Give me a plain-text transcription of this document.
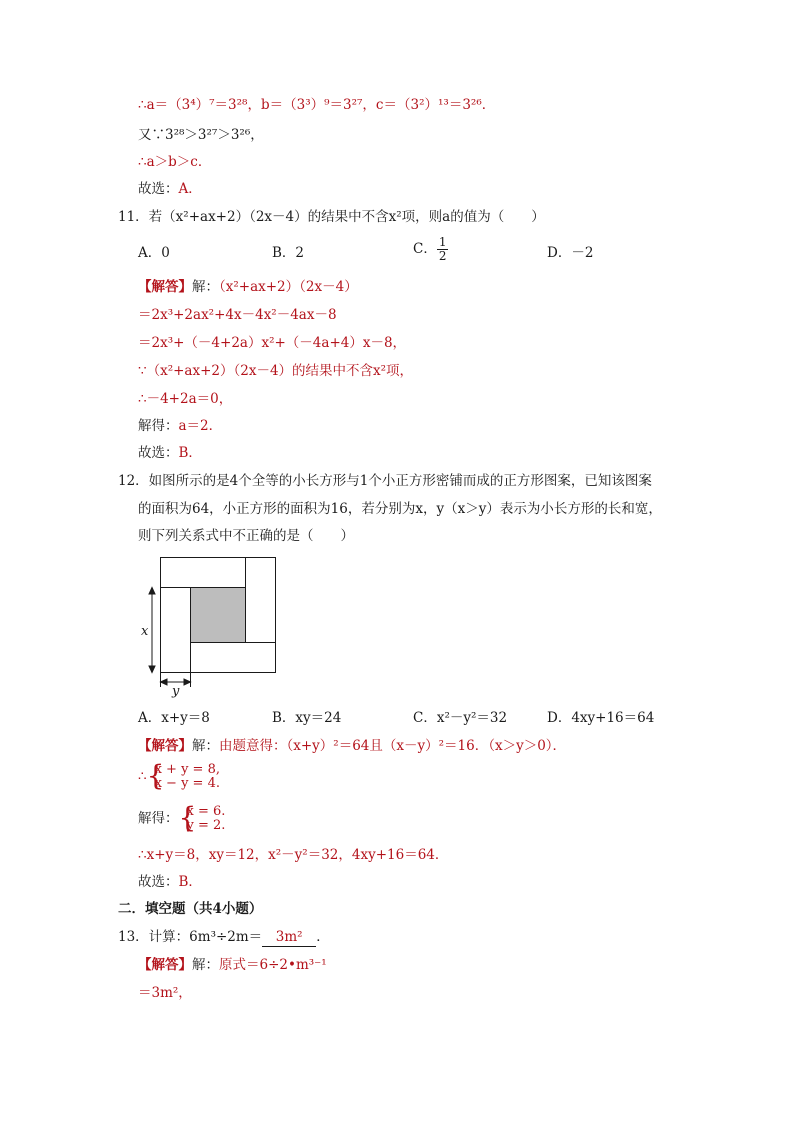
∴a＝（3⁴）⁷＝3²⁸，b＝（3³）⁹＝3²⁷，c＝（3²）¹³＝3²⁶．
又∵3²⁸＞3²⁷＞3²⁶，
∴a＞b＞c．
故选：A．
11．若（x²+ax+2）（2x－4）的结果中不含x²项，则a的值为（　　）
A．0	B．2	C． $\frac{1}{2}$	D．－2
【解答】解：（x²+ax+2）（2x－4）
＝2x³+2ax²+4x－4x²－4ax－8
＝2x³+（－4+2a）x²+（－4a+4）x－8，
∵（x²+ax+2）（2x－4）的结果中不含x²项，
∴－4+2a＝0，
解得：a＝2．
故选：B．
12．如图所示的是4个全等的小长方形与1个小正方形密铺而成的正方形图案，已知该图案
的面积为64，小正方形的面积为16，若分别为x，y（x＞y）表示为小长方形的长和宽，
则下列关系式中不正确的是（　　）
x
y
A．x+y＝8	B．xy＝24	C．x²－y²＝32	D．4xy+16＝64
【解答】解：由题意得：（x+y）²＝64且（x－y）²＝16．（x＞y＞0）．
∴ {
x + y = 8,
x − y = 4.
解得： {
x = 6.
y = 2.
∴x+y＝8，xy＝12，x²－y²＝32，4xy+16＝64．
故选：B．
二．填空题（共4小题）
13．计算：6m³÷2m＝ 3m² ．
【解答】解：原式＝6÷2•m³⁻¹
＝3m²，
